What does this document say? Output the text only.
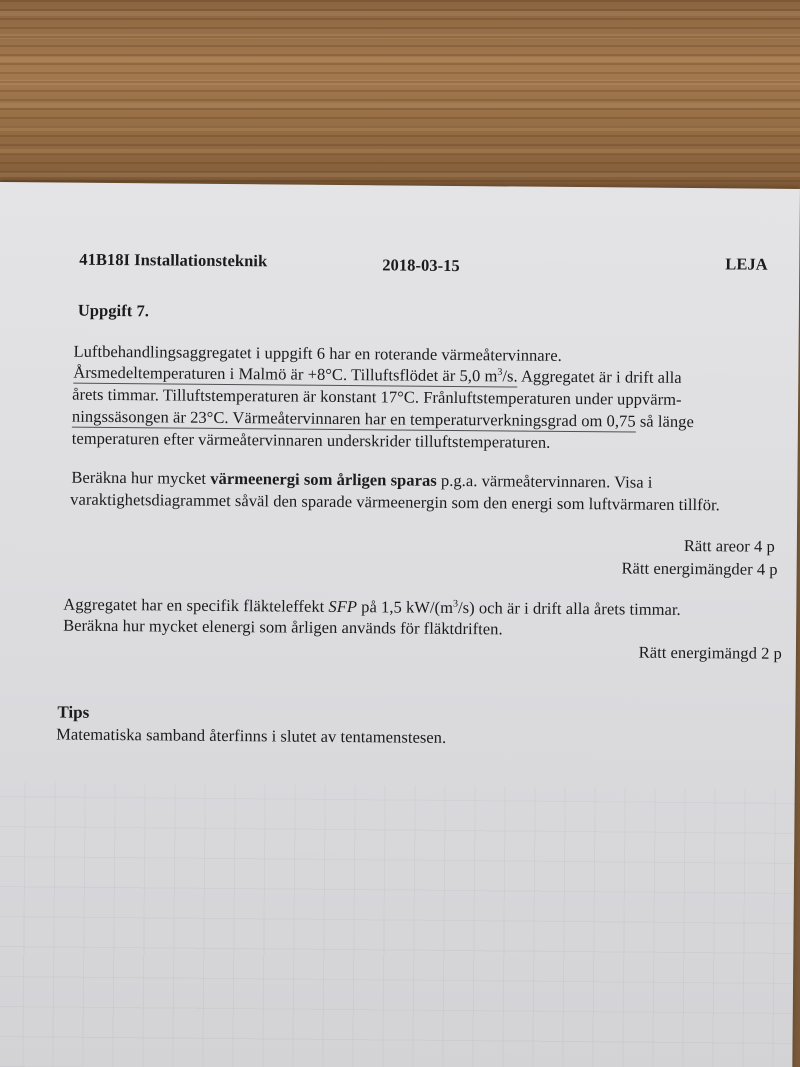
41B18I Installationsteknik	2018-03-15	LEJA
Uppgift 7.
Luftbehandlingsaggregatet i uppgift 6 har en roterande värmeåtervinnare.
Årsmedeltemperaturen i Malmö är +8°C. Tilluftsflödet är 5,0 $m^3/s$. Aggregatet är i drift alla
årets timmar. Tilluftstemperaturen är konstant 17°C. Frånluftstemperaturen under uppvärm-
ningssäsongen är 23°C. Värmeåtervinnaren har en temperaturverkningsgrad om 0,75 så länge
temperaturen efter värmeåtervinnaren underskrider tilluftstemperaturen.
Beräkna hur mycket värmeenergi som årligen sparas p.g.a. värmeåtervinnaren. Visa i
varaktighetsdiagrammet såväl den sparade värmeenergin som den energi som luftvärmaren tillför.
Rätt areor 4 p
Rätt energimängder 4 p
Aggregatet har en specifik fläkteleffekt SFP på 1,5 $kW/(m^3/s)$ och är i drift alla årets timmar.
Beräkna hur mycket elenergi som årligen används för fläktdriften.
Rätt energimängd 2 p
Tips
Matematiska samband återfinns i slutet av tentamenstesen.
